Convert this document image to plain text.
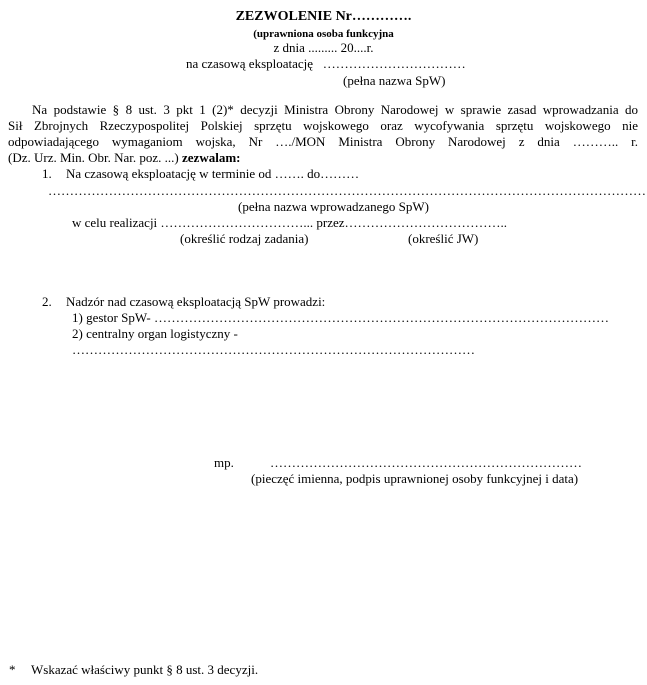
ZEZWOLENIE Nr………….
(uprawniona osoba funkcyjna
z dnia ......... 20....r.
na czasową eksploatację   ……………………………
(pełna nazwa SpW)
Na podstawie § 8 ust. 3 pkt 1 (2)* decyzji Ministra Obrony Narodowej w sprawie zasad wprowadzania do
Sił Zbrojnych Rzeczypospolitej Polskiej sprzętu wojskowego oraz wycofywania sprzętu wojskowego nie
odpowiadającego wymaganiom wojska, Nr …./MON Ministra Obrony Narodowej z dnia ……….. r.
(Dz. Urz. Min. Obr. Nar. poz. ...) zezwalam:
1. Na czasową eksploatację w terminie od ……. do………
…………………………………………………………………………………………………………………………
(pełna nazwa wprowadzanego SpW)
w celu realizacji ……………………………... przez………………………………..
(określić rodzaj zadania)	(określić JW)
2. Nadzór nad czasową eksploatacją SpW prowadzi:
1) gestor SpW- ……………………………………………………………………………………………
2) centralny organ logistyczny -
…………………………………………………………………………………
mp.	………………………………………………………………
(pieczęć imienna, podpis uprawnionej osoby funkcyjnej i data)
* Wskazać właściwy punkt § 8 ust. 3 decyzji.
